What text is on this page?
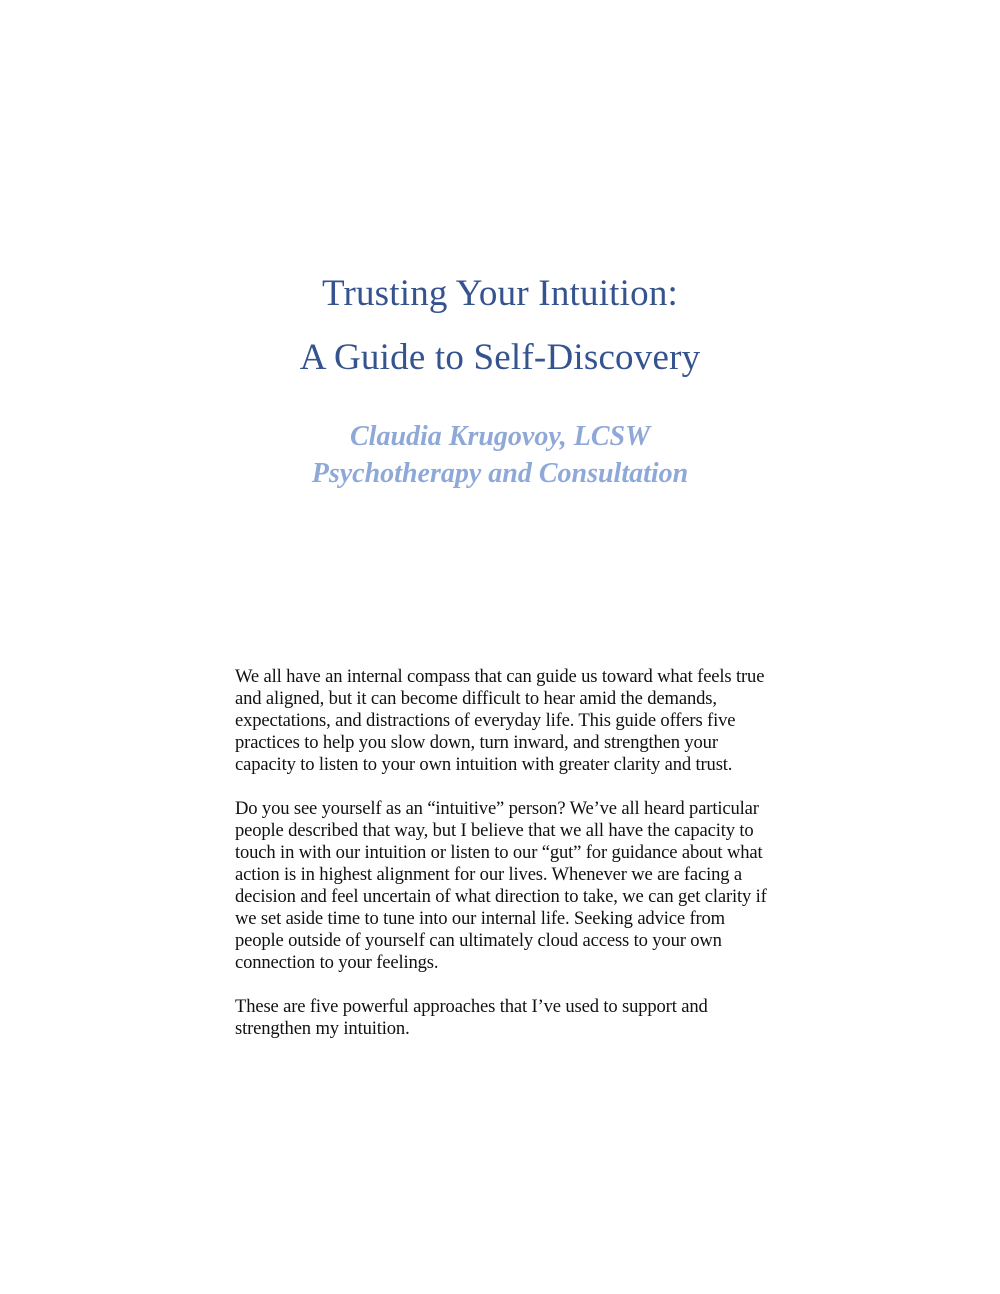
Trusting Your Intuition:
A Guide to Self-Discovery
Claudia Krugovoy, LCSW
Psychotherapy and Consultation

We all have an internal compass that can guide us toward what feels true and aligned, but it can become difficult to hear amid the demands, expectations, and distractions of everyday life. This guide offers five practices to help you slow down, turn inward, and strengthen your capacity to listen to your own intuition with greater clarity and trust.

Do you see yourself as an “intuitive” person? We’ve all heard particular people described that way, but I believe that we all have the capacity to touch in with our intuition or listen to our “gut” for guidance about what action is in highest alignment for our lives. Whenever we are facing a decision and feel uncertain of what direction to take, we can get clarity if we set aside time to tune into our internal life. Seeking advice from people outside of yourself can ultimately cloud access to your own connection to your feelings.

These are five powerful approaches that I’ve used to support and strengthen my intuition.
